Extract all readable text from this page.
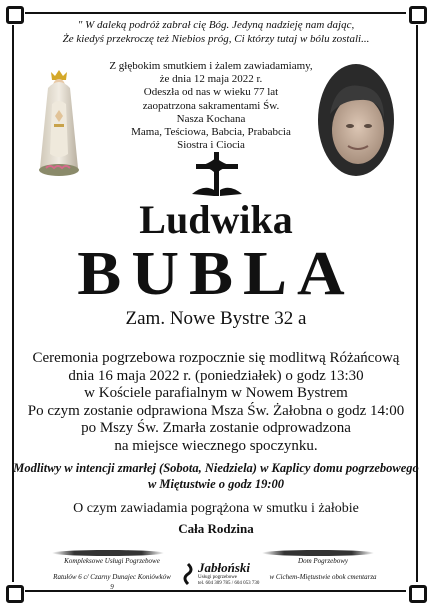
" W daleką podróż zabrał cię Bóg. Jedyną nadzieję nam dając,
Że kiedyś przekroczę też Niebios próg, Ci którzy tutaj w bólu zostali...
Z głębokim smutkiem i żalem zawiadamiamy,
że dnia 12 maja 2022 r.
Odeszła od nas w wieku 77 lat
zaopatrzona sakramentami Św.
Nasza Kochana
Mama, Teściowa, Babcia, Prababcia
Siostra i Ciocia
Ludwika
BUBLA
Zam. Nowe Bystre 32 a
Ceremonia pogrzebowa rozpocznie się modlitwą Różańcową
dnia 16 maja 2022 r. (poniedziałek) o godz 13:30
w Kościele parafialnym w Nowem Bystrem
Po czym zostanie odprawiona Msza Św. Żałobna o godz 14:00
po Mszy Św. Zmarła zostanie odprowadzona
na miejsce wiecznego spoczynku.
Modlitwy w intencji zmarłej (Sobota, Niedziela) w Kaplicy domu pogrzebowego
w Miętustwie o godz 19:00
O czym zawiadamia pogrążona w smutku i żałobie
Cała Rodzina
Kompleksowe Usługi Pogrzebowe
Ratułów 6 c/ Czarny Dunajec Koniówków 9
Jabłoński
Usługi pogrzebowe
tel. 604 309 785 / 604 053 730
Dom Pogrzebowy
w Cichem-Miętustwie obok cmentarza
